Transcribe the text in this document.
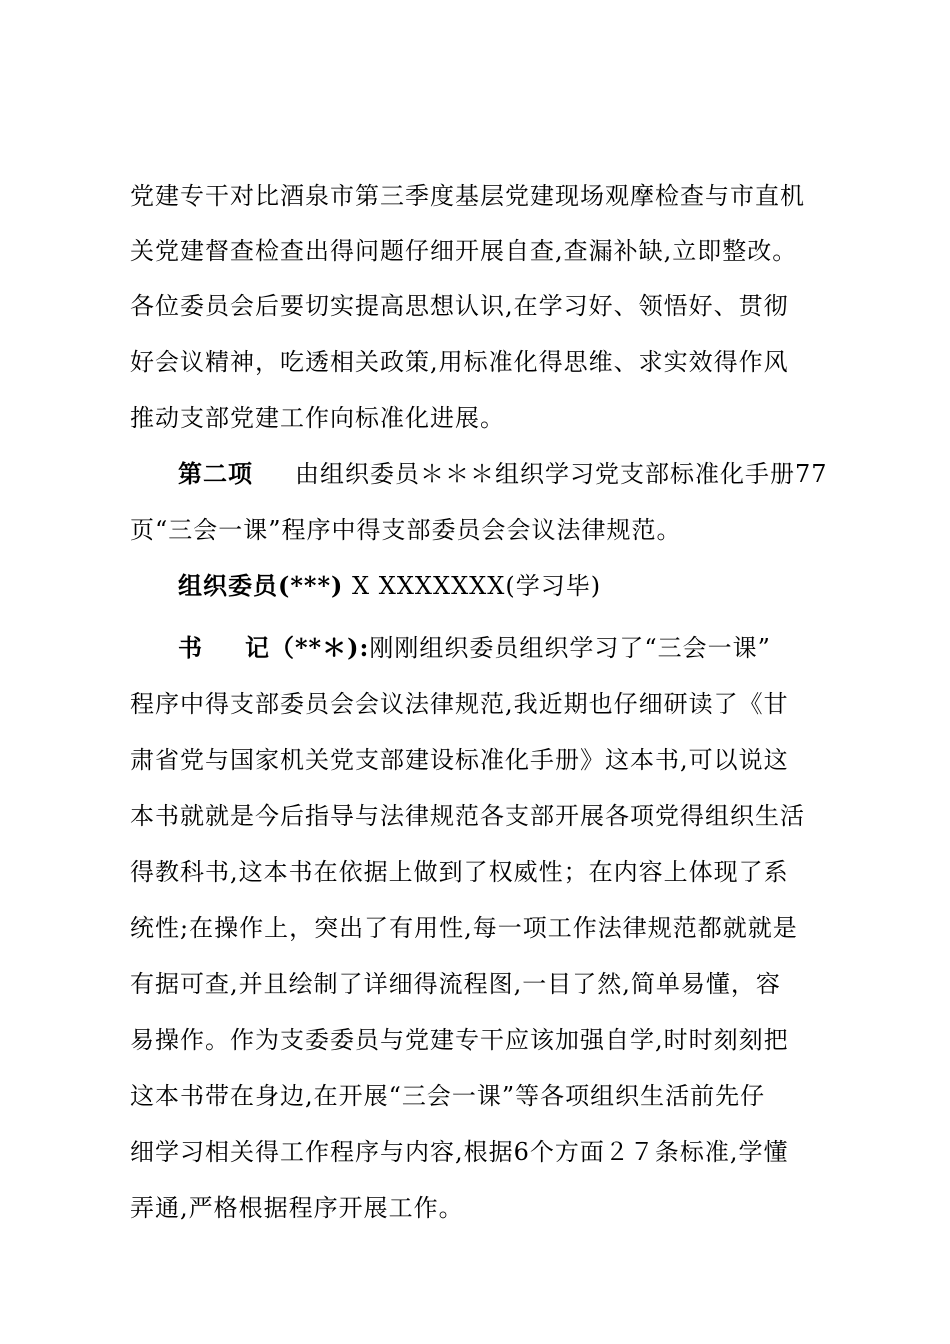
党建专干对比酒泉市第三季度基层党建现场观摩检查与市直机
关党建督查检查出得问题仔细开展自查,查漏补缺,立即整改。
各位委员会后要切实提高思想认识,在学习好、领悟好、贯彻
好会议精神，吃透相关政策,用标准化得思维、求实效得作风
推动支部党建工作向标准化进展。
第二项 由组织委员＊＊＊组织学习党支部标准化手册77
页“三会一课”程序中得支部委员会会议法律规范。
组织委员(***) X XXXXXXX(学习毕)
书 记（**＊):刚刚组织委员组织学习了“三会一课”
程序中得支部委员会会议法律规范,我近期也仔细研读了《甘
肃省党与国家机关党支部建设标准化手册》这本书,可以说这
本书就就是今后指导与法律规范各支部开展各项党得组织生活
得教科书,这本书在依据上做到了权威性；在内容上体现了系
统性;在操作上，突出了有用性,每一项工作法律规范都就就是
有据可查,并且绘制了详细得流程图,一目了然,简单易懂，容
易操作。作为支委委员与党建专干应该加强自学,时时刻刻把
这本书带在身边,在开展“三会一课”等各项组织生活前先仔
细学习相关得工作程序与内容,根据6个方面２７条标准,学懂
弄通,严格根据程序开展工作。
